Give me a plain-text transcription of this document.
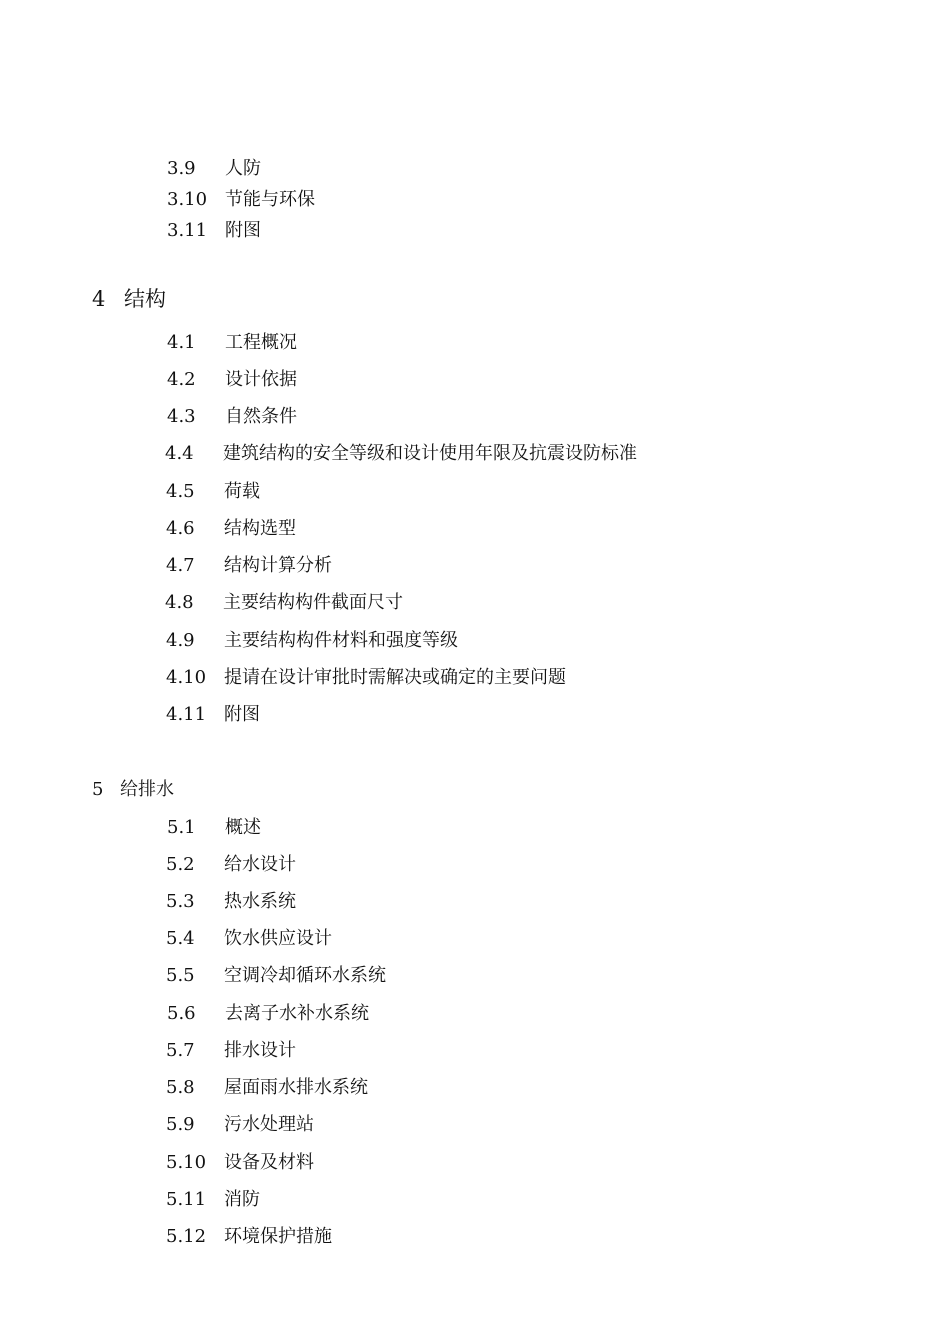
3.9 人防
3.10 节能与环保
3.11 附图
4 结构
4.1 工程概况
4.2 设计依据
4.3 自然条件
4.4 建筑结构的安全等级和设计使用年限及抗震设防标准
4.5 荷载
4.6 结构选型
4.7 结构计算分析
4.8 主要结构构件截面尺寸
4.9 主要结构构件材料和强度等级
4.10 提请在设计审批时需解决或确定的主要问题
4.11 附图
5 给排水
5.1 概述
5.2 给水设计
5.3 热水系统
5.4 饮水供应设计
5.5 空调冷却循环水系统
5.6 去离子水补水系统
5.7 排水设计
5.8 屋面雨水排水系统
5.9 污水处理站
5.10 设备及材料
5.11 消防
5.12 环境保护措施
